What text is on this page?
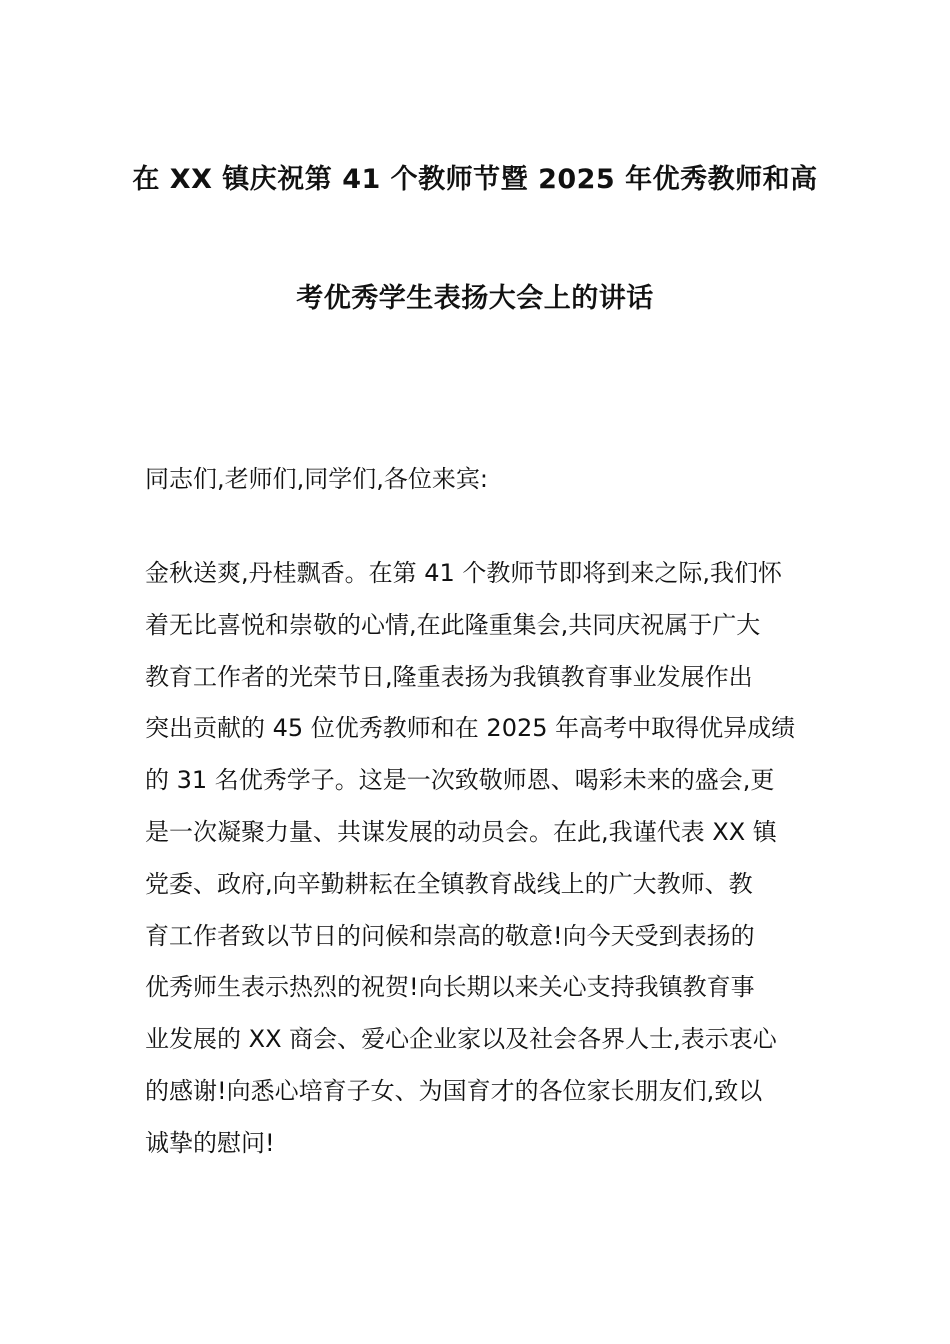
在 XX 镇庆祝第 41 个教师节暨 2025 年优秀教师和高
考优秀学生表扬大会上的讲话

同志们,老师们,同学们,各位来宾:

金秋送爽,丹桂飘香。在第 41 个教师节即将到来之际,我们怀
着无比喜悦和崇敬的心情,在此隆重集会,共同庆祝属于广大
教育工作者的光荣节日,隆重表扬为我镇教育事业发展作出
突出贡献的 45 位优秀教师和在 2025 年高考中取得优异成绩
的 31 名优秀学子。这是一次致敬师恩、喝彩未来的盛会,更
是一次凝聚力量、共谋发展的动员会。在此,我谨代表 XX 镇
党委、政府,向辛勤耕耘在全镇教育战线上的广大教师、教
育工作者致以节日的问候和崇高的敬意!向今天受到表扬的
优秀师生表示热烈的祝贺!向长期以来关心支持我镇教育事
业发展的 XX 商会、爱心企业家以及社会各界人士,表示衷心
的感谢!向悉心培育子女、为国育才的各位家长朋友们,致以
诚挚的慰问!
